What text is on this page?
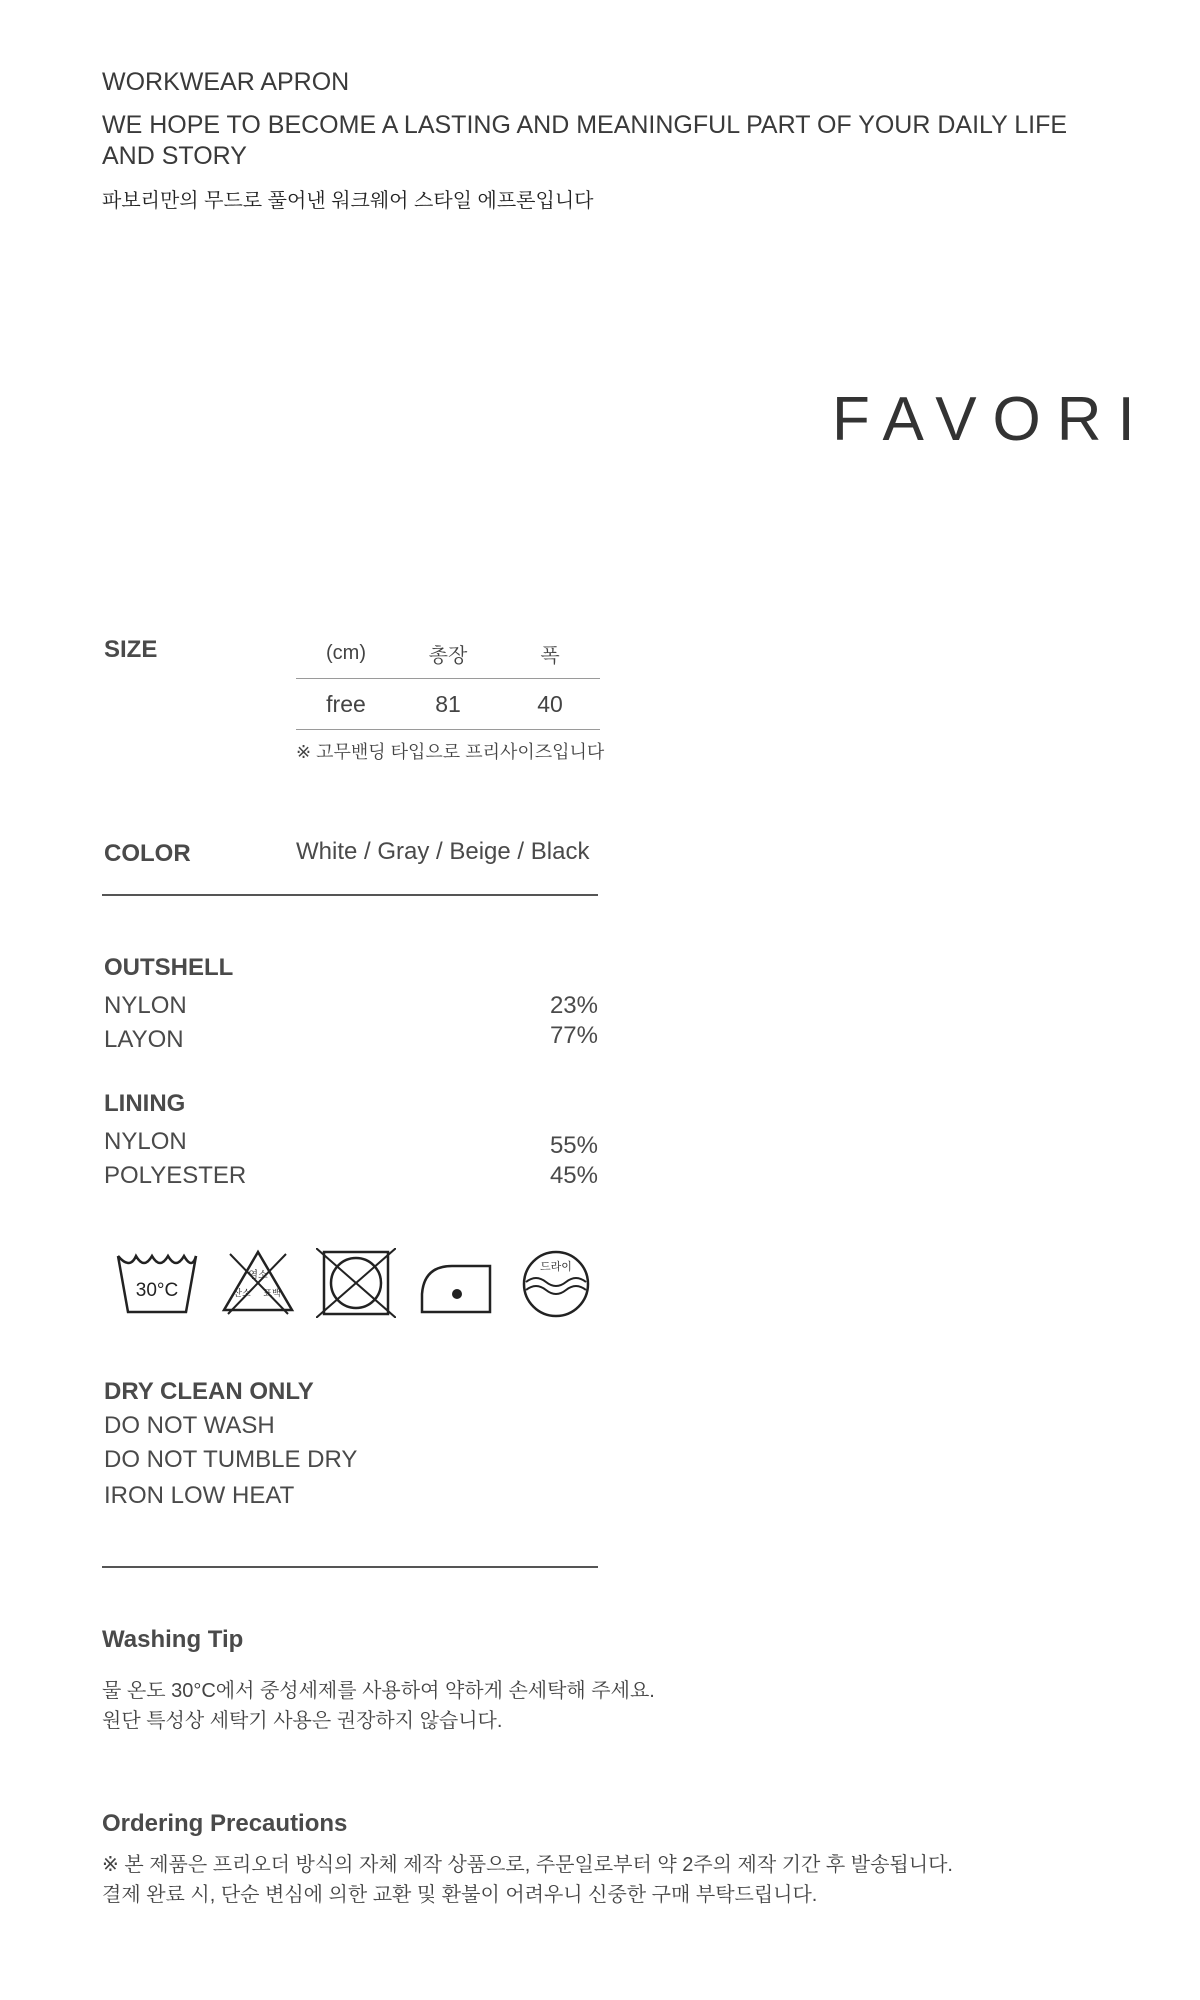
WORKWEAR APRON
WE HOPE TO BECOME A LASTING AND MEANINGFUL PART OF YOUR DAILY LIFE AND STORY
파보리만의 무드로 풀어낸 워크웨어 스타일 에프론입니다
FAVORI
SIZE	(cm)	총장	폭
free	81	40
※ 고무밴딩 타입으로 프리사이즈입니다
COLOR	White / Gray / Beige / Black
OUTSHELL
NYLON	23%
LAYON	77%
LINING
NYLON	55%
POLYESTER	45%
30°C
염소
산소 표백
드라이
DRY CLEAN ONLY
DO NOT WASH
DO NOT TUMBLE DRY
IRON LOW HEAT
Washing Tip
물 온도 30°C에서 중성세제를 사용하여 약하게 손세탁해 주세요.
원단 특성상 세탁기 사용은 권장하지 않습니다.
Ordering Precautions
※ 본 제품은 프리오더 방식의 자체 제작 상품으로, 주문일로부터 약 2주의 제작 기간 후 발송됩니다.
결제 완료 시, 단순 변심에 의한 교환 및 환불이 어려우니 신중한 구매 부탁드립니다.
